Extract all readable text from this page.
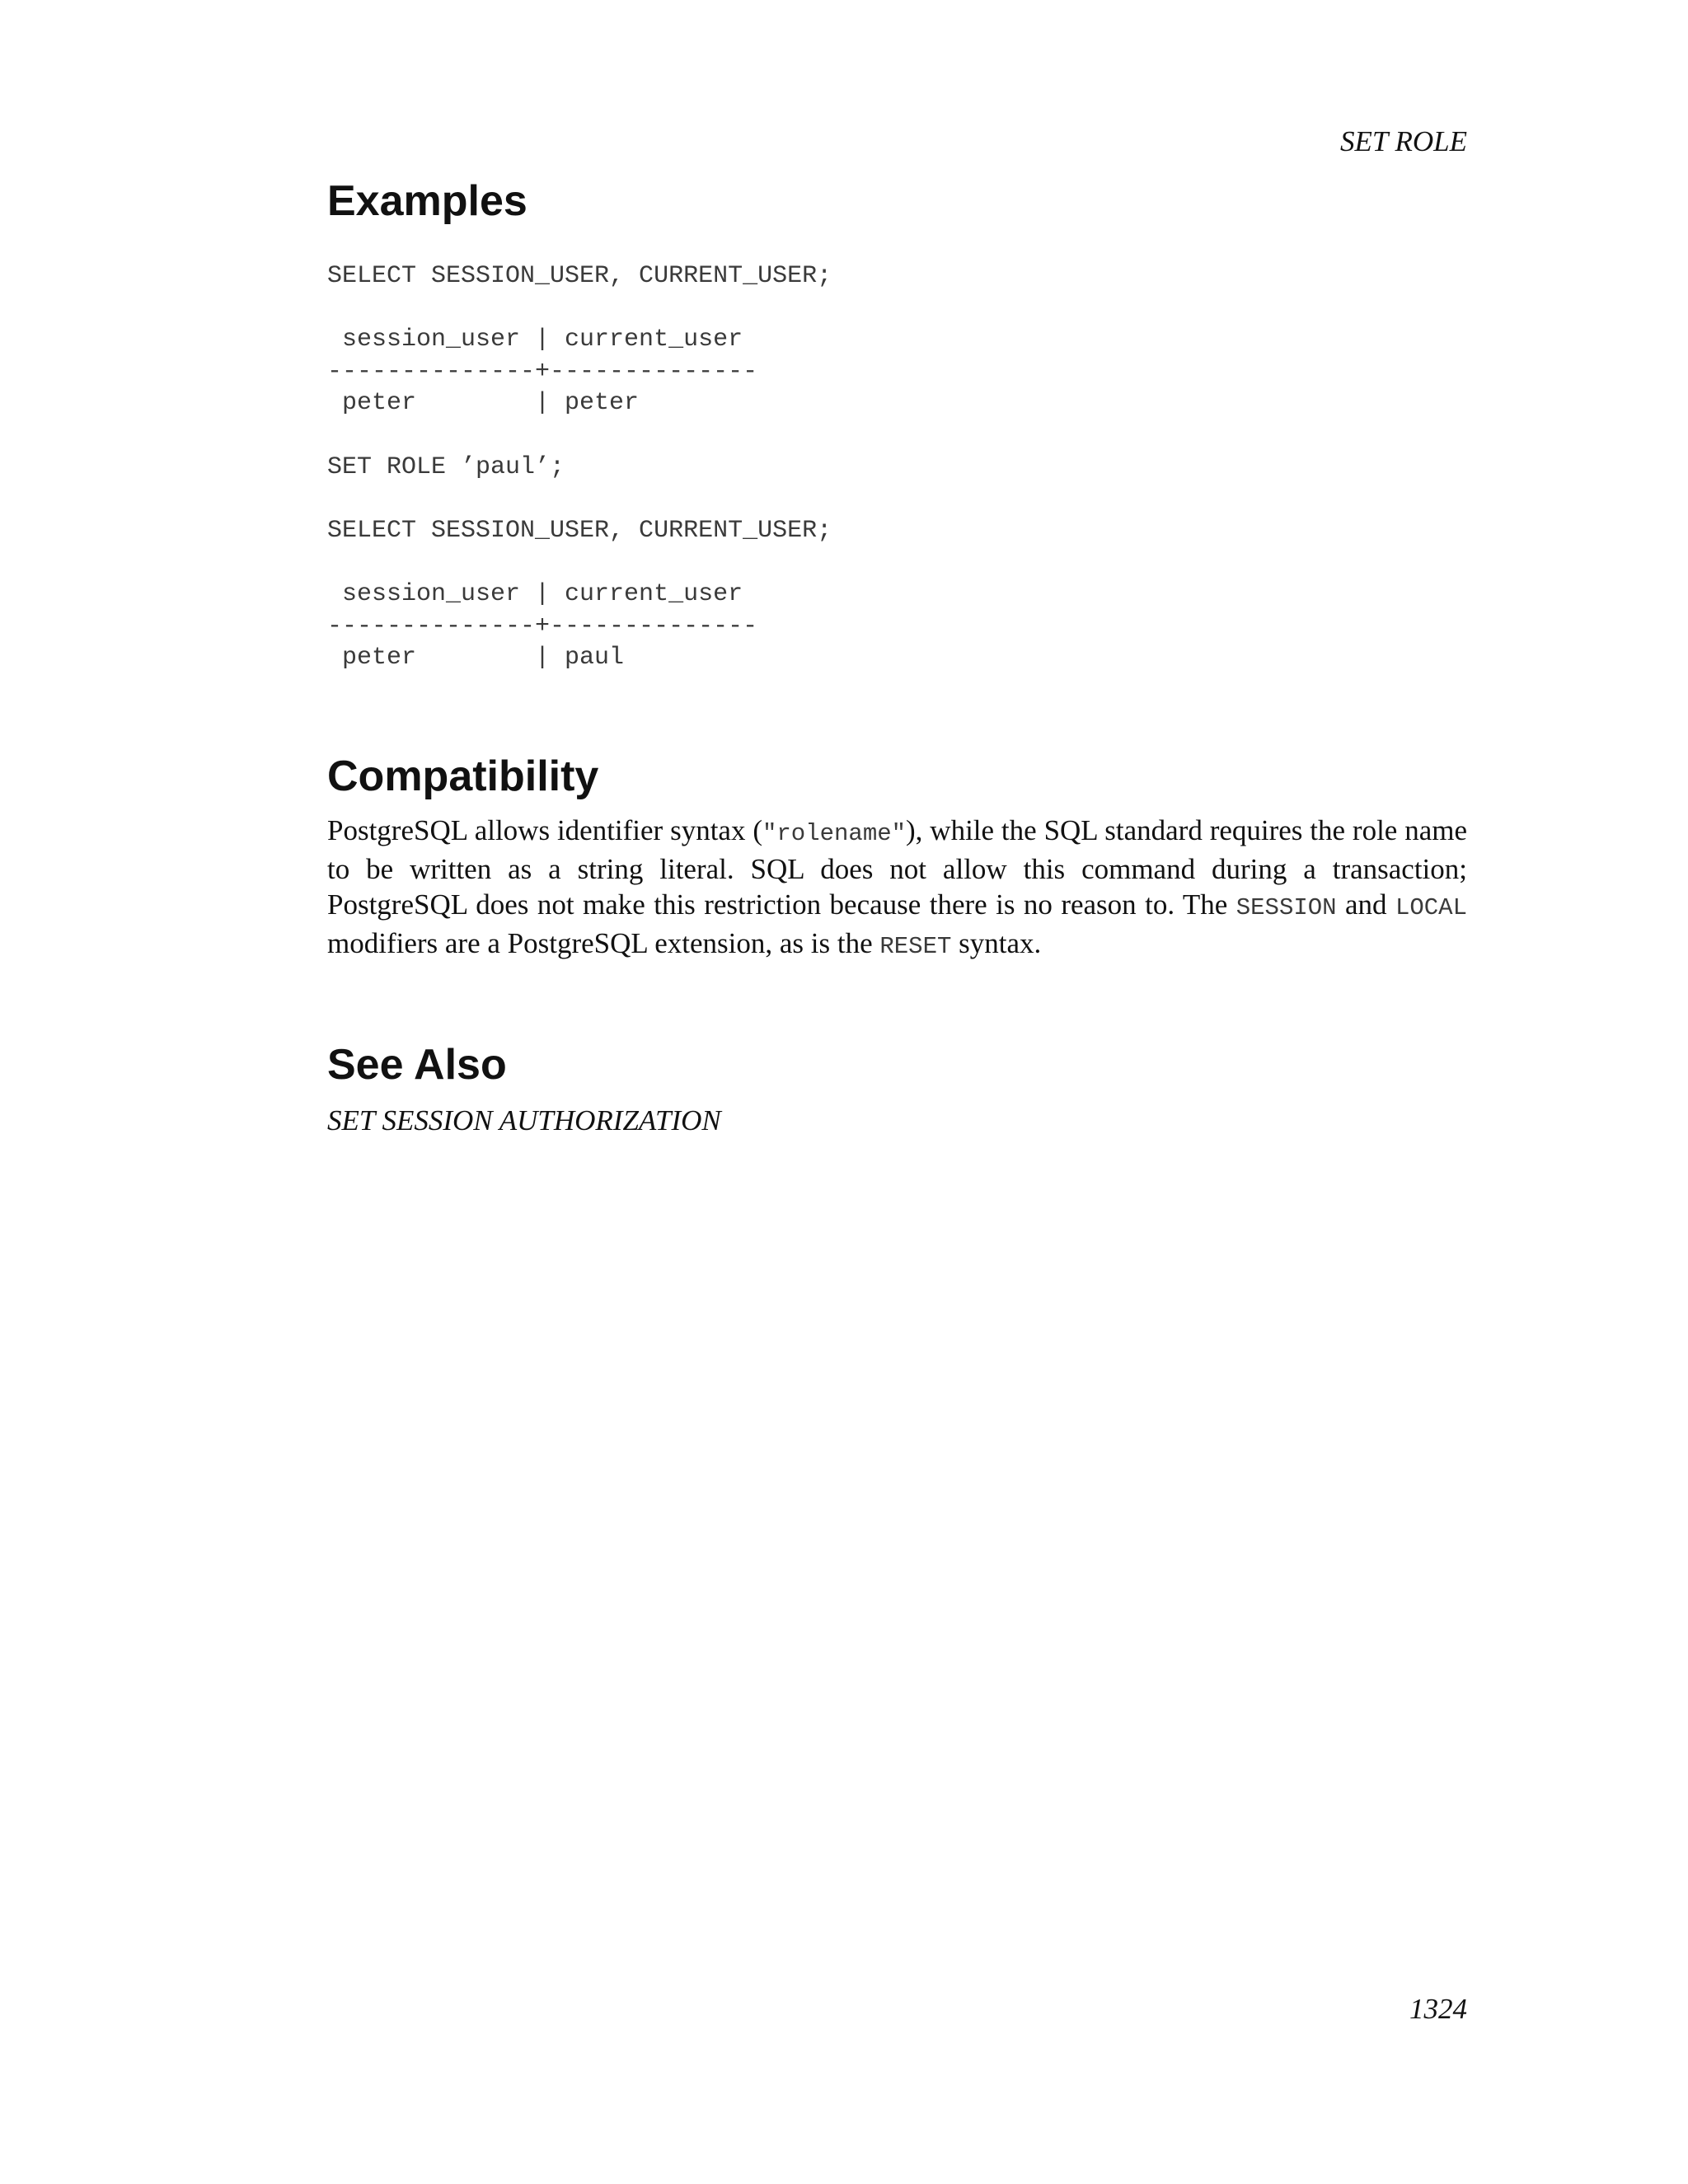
SET ROLE
Examples
SELECT SESSION_USER, CURRENT_USER;

session_user | current_user
--------------+--------------
peter        | peter

SET ROLE ’paul’;

SELECT SESSION_USER, CURRENT_USER;

session_user | current_user
--------------+--------------
peter        | paul
Compatibility

PostgreSQL allows identifier syntax ("rolename"), while the SQL standard requires the role name to be written as a string literal. SQL does not allow this command during a transaction; PostgreSQL does not make this restriction because there is no reason to. The SESSION and LOCAL modifiers are a PostgreSQL extension, as is the RESET syntax.

See Also
SET SESSION AUTHORIZATION
1324
